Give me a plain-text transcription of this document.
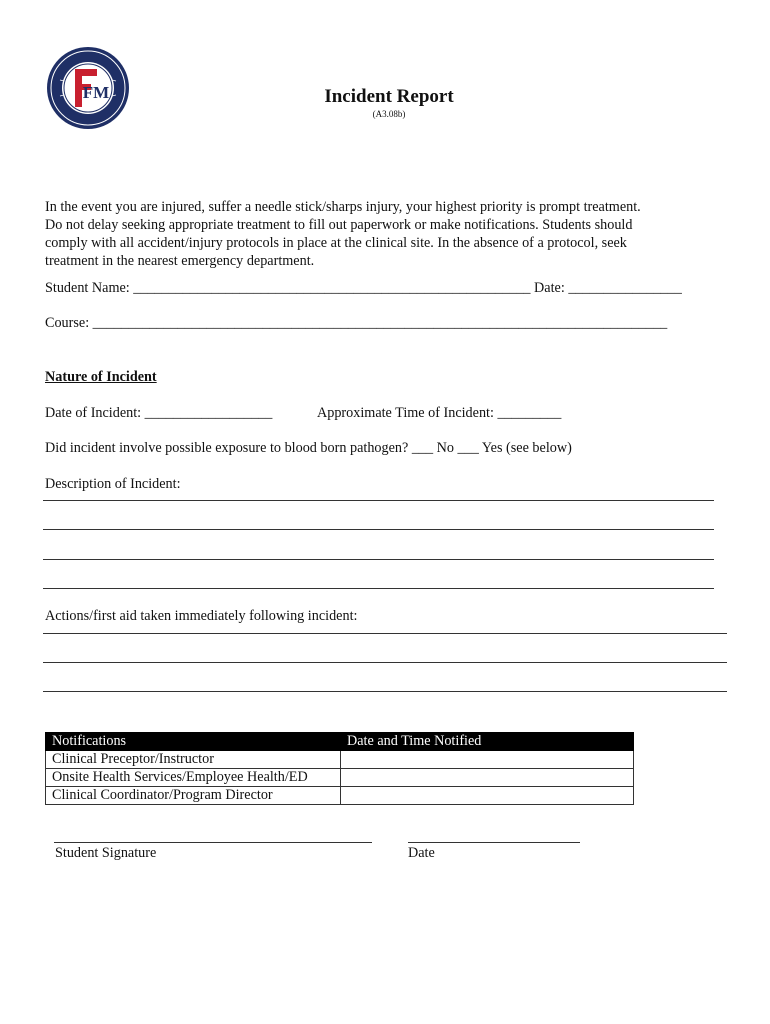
FM	Incident Report
(A3.08b)
In the event you are injured, suffer a needle stick/sharps injury, your highest priority is prompt treatment.
Do not delay seeking appropriate treatment to fill out paperwork or make notifications. Students should
comply with all accident/injury protocols in place at the clinical site. In the absence of a protocol, seek
treatment in the nearest emergency department.
Student Name: ________________________________________________________ Date: ________________
Course: _________________________________________________________________________________
Nature of Incident
Date of Incident: __________________	Approximate Time of Incident: _________
Did incident involve possible exposure to blood born pathogen? ___ No ___ Yes (see below)
Description of Incident:
Actions/first aid taken immediately following incident:
Notifications	Date and Time Notified
Clinical Preceptor/Instructor	
Onsite Health Services/Employee Health/ED	
Clinical Coordinator/Program Director	
Student Signature	Date
